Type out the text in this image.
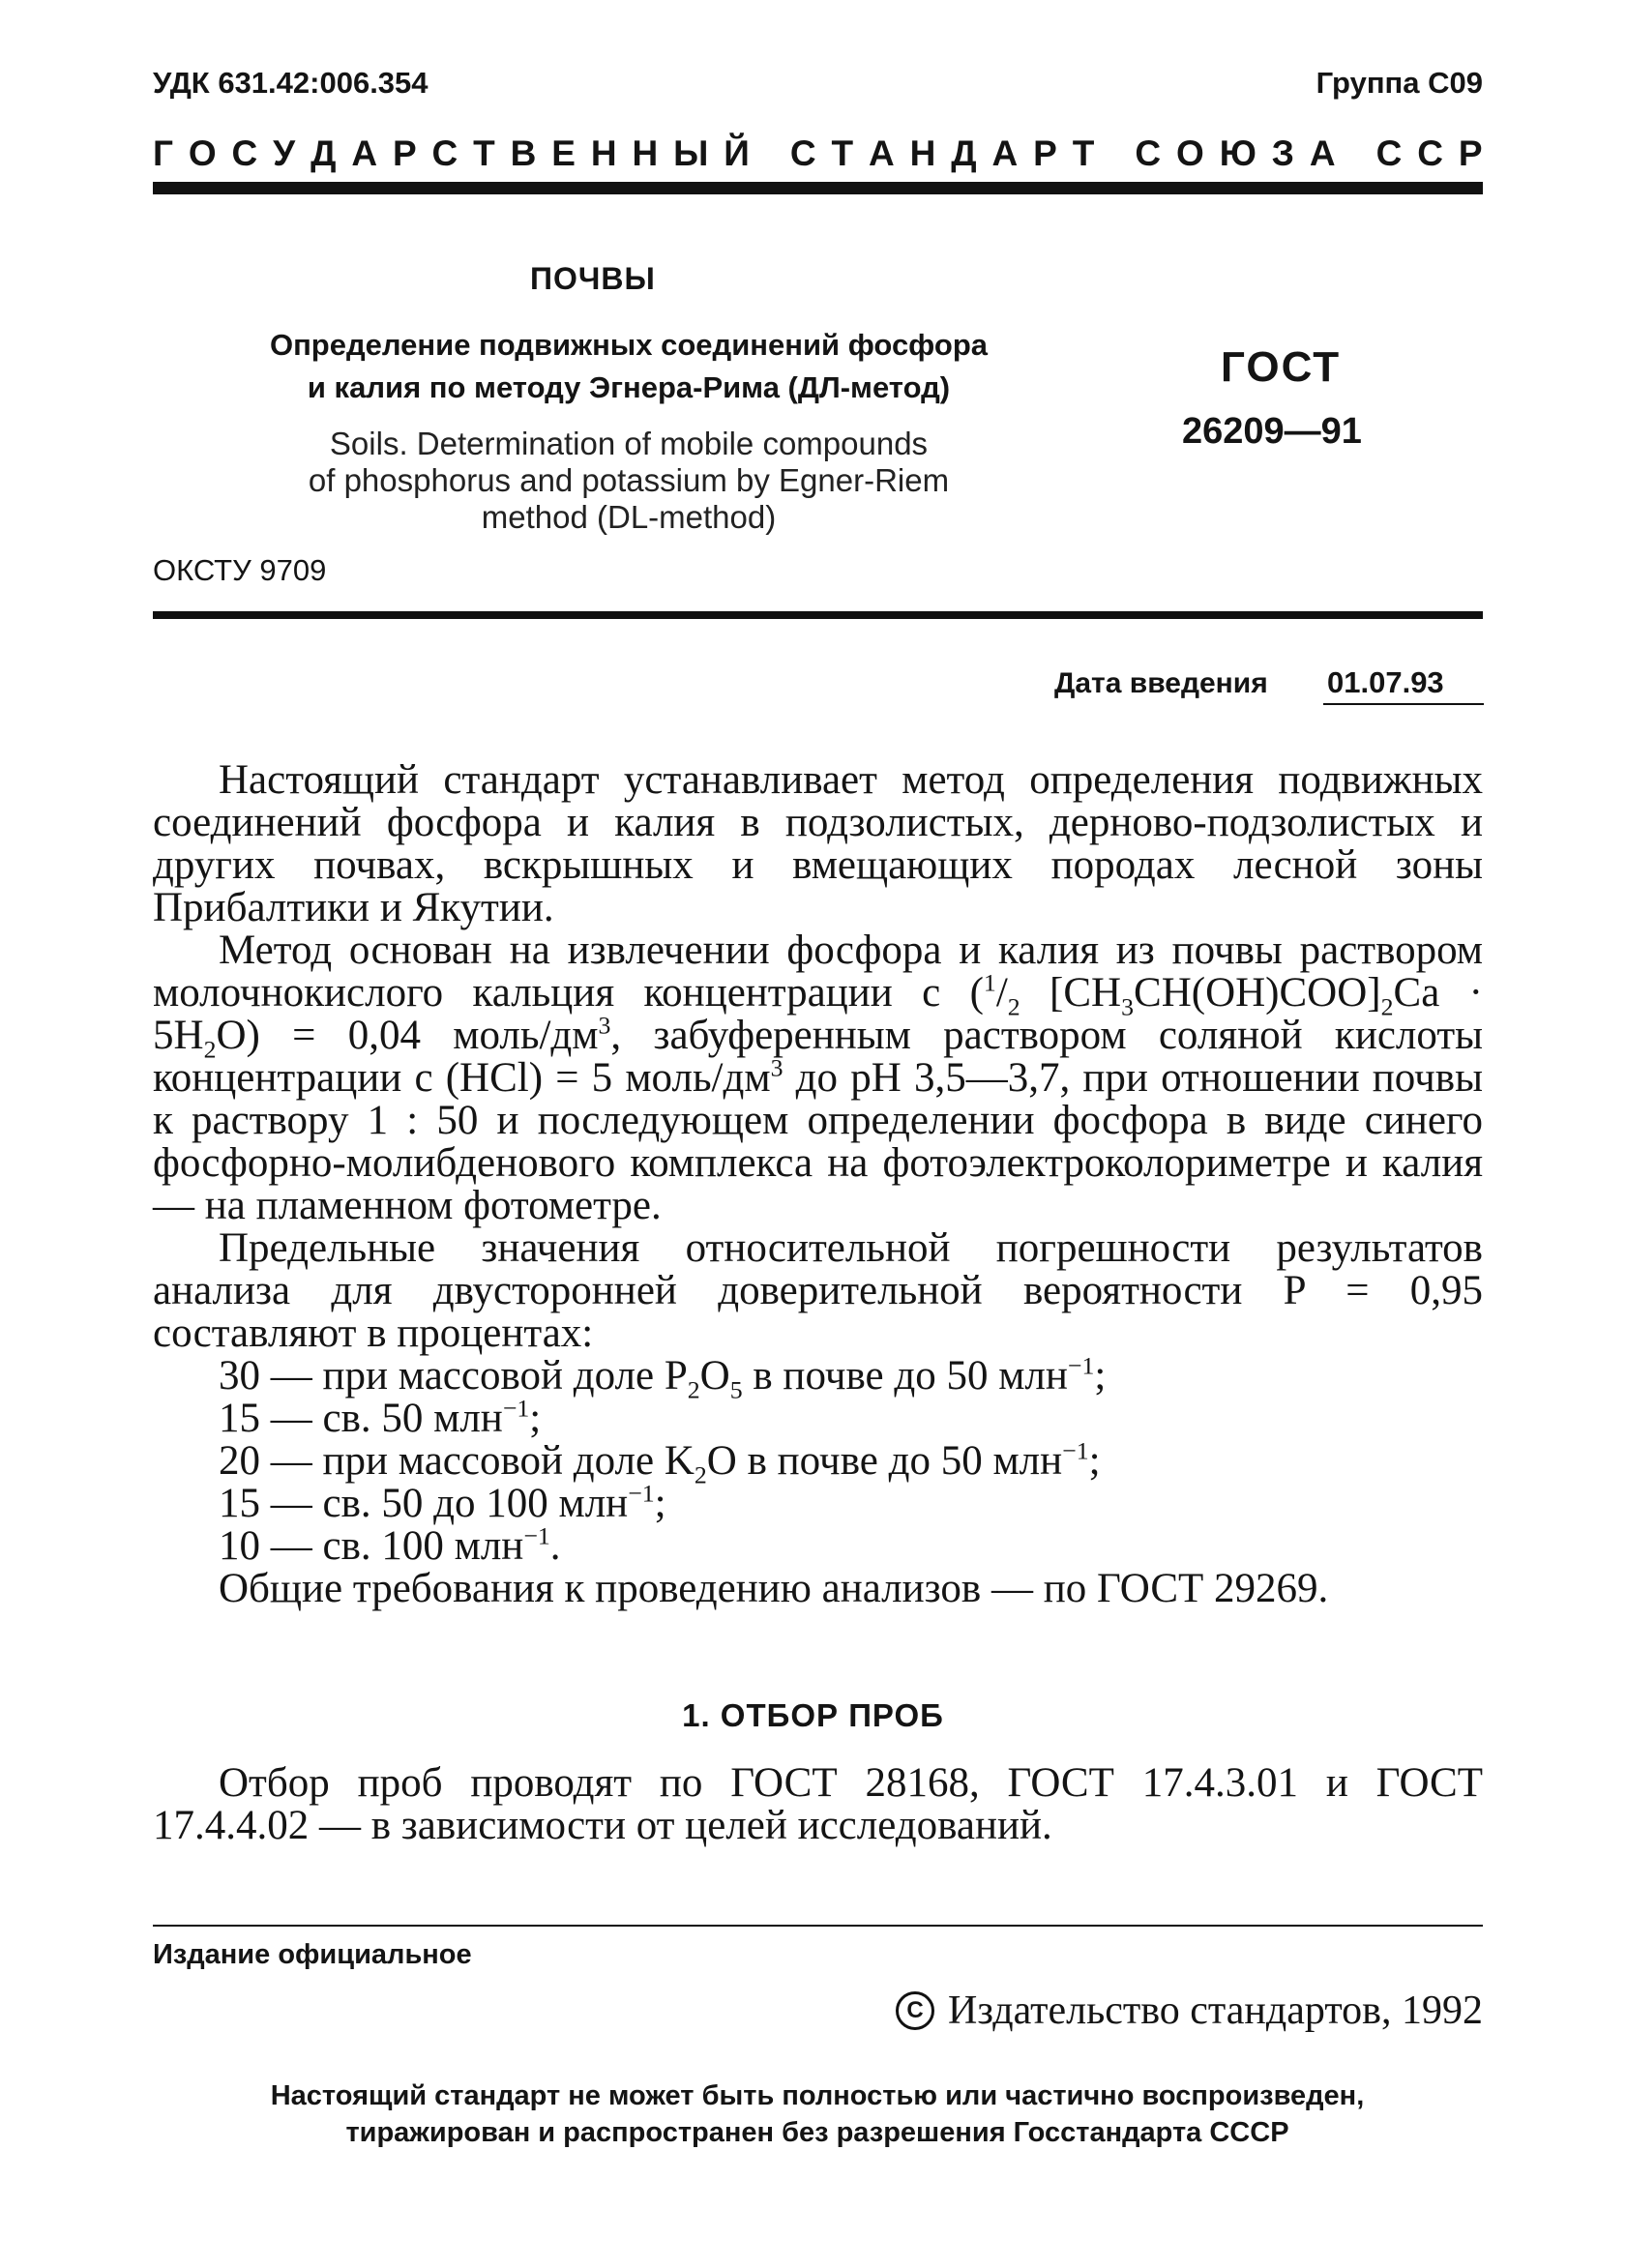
УДК 631.42:006.354	Группа С09
Г О С У Д А Р С Т В Е Н Н Ы Й
С Т А Н Д А Р Т
С О Ю З А
С С Р
ПОЧВЫ
Определение подвижных соединений фосфора
и калия по методу Эгнера-Рима (ДЛ-метод)
Soils. Determination of mobile compounds
of phosphorus and potassium by Egner-Riem
method (DL-method)
ГОСТ
26209—91
ОКСТУ 9709
Дата введения 01.07.93

Настоящий стандарт устанавливает метод определения подвижных соединений фосфора и калия в подзолистых, дерново-подзолистых и других почвах, вскрышных и вмещающих породах лесной зоны Прибалтики и Якутии.

Метод основан на извлечении фосфора и калия из почвы раствором молочнокислого кальция концентрации c ($^1/_2$ $[CH_3CH(OH)COO]_2Ca \cdot 5H_2O) = 0,04$ моль/$дм^3$, забуференным раствором соляной кислоты концентрации c (HCl) = 5 моль/$дм^3$ до pH 3,5—3,7, при отношении почвы к раствору 1 : 50 и последующем определении фосфора в виде синего фосфорно-молибденового комплекса на фотоэлектроколориметре и калия — на пламенном фотометре.

Предельные значения относительной погрешности результатов анализа для двусторонней доверительной вероятности P = 0,95 составляют в процентах:

30 — при массовой доле $P_2O_5$ в почве до 50 млн$^{-1}$;

15 — св. 50 млн$^{-1}$;

20 — при массовой доле $K_2O$ в почве до 50 млн$^{-1}$;

15 — св. 50 до 100 млн$^{-1}$;

10 — св. 100 млн$^{-1}$.

Общие требования к проведению анализов — по ГОСТ 29269.

1. ОТБОР ПРОБ

Отбор проб проводят по ГОСТ 28168, ГОСТ 17.4.3.01 и ГОСТ 17.4.4.02 — в зависимости от целей исследований.

Издание официальное
C Издательство стандартов, 1992
Настоящий стандарт не может быть полностью или частично воспроизведен,
тиражирован и распространен без разрешения Госстандарта СССР
